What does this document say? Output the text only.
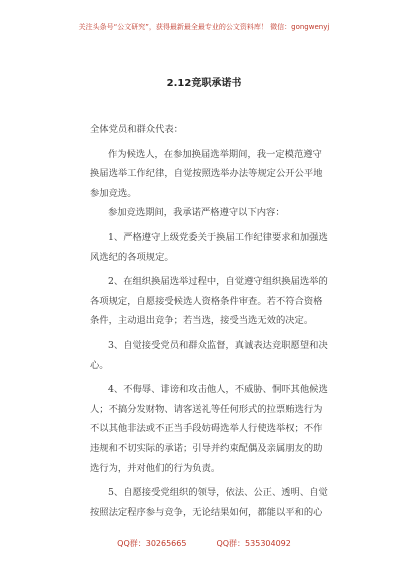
关注头条号“公文研究”，获得最新最全最专业的公文资料库！ 微信：gongwenyj
2.12竞职承诺书
全体党员和群众代表：
作为候选人，在参加换届选举期间，我一定模范遵守
换届选举工作纪律，自觉按照选举办法等规定公开公平地
参加竞选。
参加竞选期间，我承诺严格遵守以下内容：
1、严格遵守上级党委关于换届工作纪律要求和加强选
风选纪的各项规定。
2、在组织换届选举过程中，自觉遵守组织换届选举的
各项规定，自愿接受候选人资格条件审查。若不符合资格
条件，主动退出竞争；若当选，接受当选无效的决定。
3、自觉接受党员和群众监督，真诚表达竞职愿望和决
心。
4、不侮辱、诽谤和攻击他人，不威胁、恫吓其他候选
人；不搞分发财物、请客送礼等任何形式的拉票贿选行为
不以其他非法或不正当手段妨碍选举人行使选举权；不作
违规和不切实际的承诺；引导并约束配偶及亲属朋友的助
选行为，并对他们的行为负责。
5、自愿接受党组织的领导，依法、公正、透明、自觉
按照法定程序参与竞争，无论结果如何，都能以平和的心
QQ群：30265665	QQ群：535304092
